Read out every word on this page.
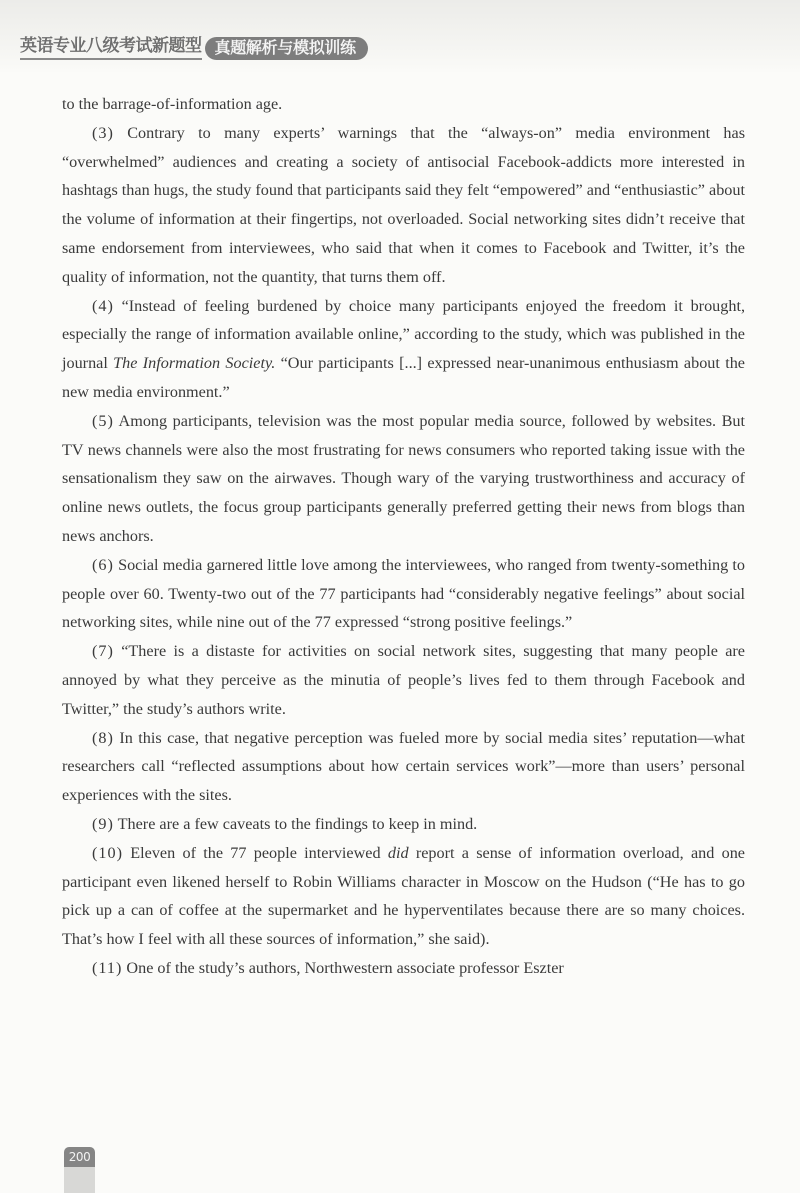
英语专业八级考试新题型 真题解析与模拟训练

to the barrage-of-information age.

(3) Contrary to many experts’ warnings that the “always-on” media environment has “overwhelmed” audiences and creating a society of antisocial Facebook-addicts more interested in hashtags than hugs, the study found that participants said they felt “empowered” and “enthusiastic” about the volume of information at their fingertips, not overloaded. Social networking sites didn’t receive that same endorsement from interviewees, who said that when it comes to Facebook and Twitter, it’s the quality of information, not the quantity, that turns them off.

(4) “Instead of feeling burdened by choice many participants enjoyed the freedom it brought, especially the range of information available online,” according to the study, which was published in the journal The Information Society. “Our participants [...] expressed near-unanimous enthusiasm about the new media environment.”

(5) Among participants, television was the most popular media source, followed by websites. But TV news channels were also the most frustrating for news consumers who reported taking issue with the sensationalism they saw on the airwaves. Though wary of the varying trustworthiness and accuracy of online news outlets, the focus group participants generally preferred getting their news from blogs than news anchors.

(6) Social media garnered little love among the interviewees, who ranged from twenty-something to people over 60. Twenty-two out of the 77 participants had “considerably negative feelings” about social networking sites, while nine out of the 77 expressed “strong positive feelings.”

(7) “There is a distaste for activities on social network sites, suggesting that many people are annoyed by what they perceive as the minutia of people’s lives fed to them through Facebook and Twitter,” the study’s authors write.

(8) In this case, that negative perception was fueled more by social media sites’ reputation—what researchers call “reflected assumptions about how certain services work”—more than users’ personal experiences with the sites.

(9) There are a few caveats to the findings to keep in mind.

(10) Eleven of the 77 people interviewed did report a sense of information overload, and one participant even likened herself to Robin Williams character in Moscow on the Hudson (“He has to go pick up a can of coffee at the supermarket and he hyperventilates because there are so many choices. That’s how I feel with all these sources of information,” she said).

(11) One of the study’s authors, Northwestern associate professor Eszter

200
